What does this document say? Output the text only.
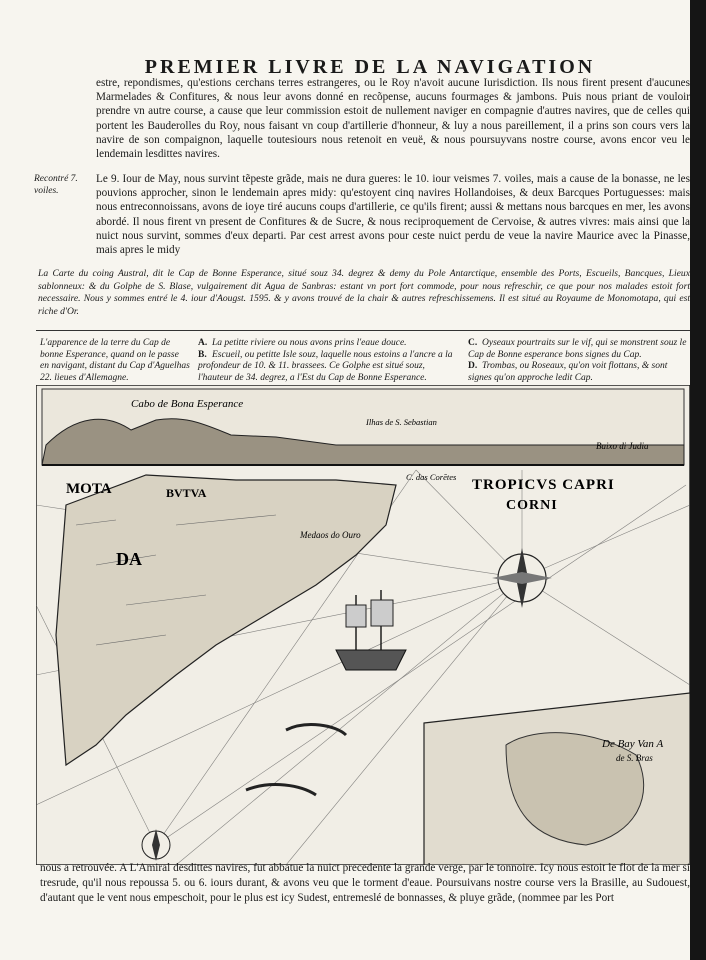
PREMIER LIVRE DE LA NAVIGATION

estre, repondismes, qu'estions cerchans terres estrangeres, ou le Roy n'avoit aucune Iurisdiction. Ils nous firent present d'aucunes Marmelades & Confitures, & nous leur avons donné en recõpense, aucuns fourmages & jambons. Puis nous priant de vouloir prendre vn autre course, a cause que leur commission estoit de nullement naviger en compagnie d'autres navires, que de celles qui portent les Bauderolles du Roy, nous faisant vn coup d'artillerie d'honneur, & luy a nous pareillement, il a prins son cours vers la navire de son compaignon, laquelle toutesiours nous retenoit en veuë, & nous poursuyvans nostre course, avons encor veu le lendemain lesdittes navires.

Recontré 7. voiles.

Le 9. Iour de May, nous survint tẽpeste grãde, mais ne dura gueres: le 10. iour veismes 7. voiles, mais a cause de la bonasse, ne les pouvions approcher, sinon le lendemain apres midy: qu'estoyent cinq navires Hollandoises, & deux Barcques Portuguesses: mais nous entreconnoissans, avons de ioye tiré aucuns coups d'artillerie, ce qu'ils firent; aussi & mettans nous barcques en mer, les avons abordé. Il nous firent vn present de Confitures & de Sucre, & nous reciproquement de Cervoise, & autres vivres: mais ainsi que la nuict nous survint, sommes d'eux departi. Par cest arrest avons pour ceste nuict perdu de veue la navire Maurice avec la Pinasse, mais apres le midy

La Carte du coing Austral, dit le Cap de Bonne Esperance, situé souz 34. degrez & demy du Pole Antarctique, ensemble des Ports, Escueils, Bancques, Lieux sablonneux: & du Golphe de S. Blase, vulgairement dit Agua de Sanbras: estant vn port fort commode, pour nous refreschir, ce que pour nos malades estoit fort necessaire. Nous y sommes entré le 4. iour d'Aougst. 1595. & y avons trouvé de la chair & autres refreschissemens. Il est situé au Royaume de Monomotapa, qui est riche d'Or.
L'apparence de la terre du Cap de bonne Esperance, quand on le passe en navigant, distant du Cap d'Aguelhas 22. lieues d'Allemagne.
A. La petitte riviere ou nous avons prins l'eaue douce.
B. Escueil, ou petitte Isle souz, laquelle nous estoins a l'ancre a la profondeur de 10. & 11. brassees. Ce Golphe est situé souz, l'hauteur de 34. degrez, a l'Est du Cap de Bonne Esperance.
C. Oyseaux pourtraits sur le vif, qui se monstrent souz le Cap de Bonne esperance bons signes du Cap.
D. Trombas, ou Roseaux, qu'on voit flottans, & sont signes qu'on approche ledit Cap.
Cabo de Bona Esperance
TROPICVS CAPRI
CORNI
MOTA	BVTVA
DA
Baixo di Judia
Ilhas de S. Sebastian
C. das Corētes
Medaos do Ouro
De Bay Van A
de S. Bras

nous a retrouvée. A L'Amiral desdittes navires, fut abbatue la nuict precedente la grande verge, par le tonnoire. Icy nous estoit le flot de la mer si tresrude, qu'il nous repoussa 5. ou 6. iours durant, & avons veu que le torment d'eaue. Poursuivans nostre course vers la Brasille, au Sudouest, d'autant que le vent nous empeschoit, pour le plus est icy Sudest, entremeslé de bonnasses, & pluye grãde, (nommee par les Port
